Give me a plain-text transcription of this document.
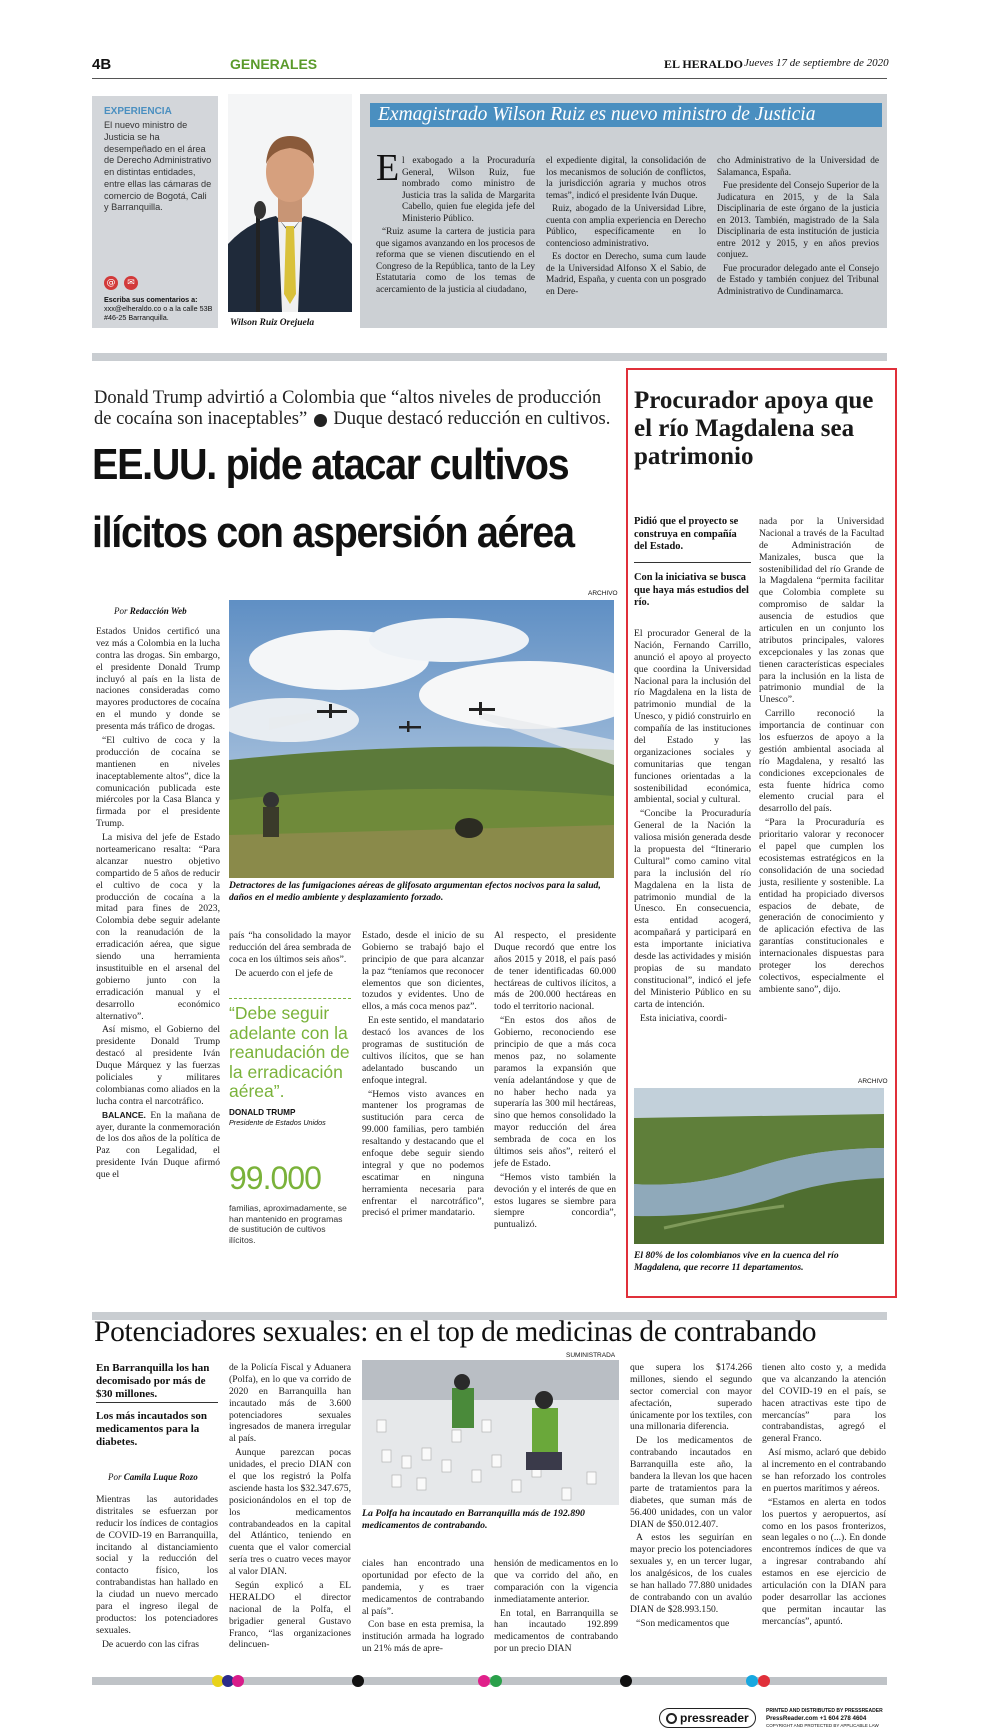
4B	GENERALES	EL HERALDO Jueves 17 de septiembre de 2020
EXPERIENCIA
El nuevo ministro de Justicia se ha desempeñado en el área de Derecho Administrativo en distintas entidades, entre ellas las cámaras de comercio de Bogotá, Cali y Barranquilla.
@	✉
Escriba sus comentarios a:
xxx@elheraldo.co o a la calle 53B #46-25 Barranquilla.
Wilson Ruiz Orejuela
Exmagistrado Wilson Ruiz es nuevo ministro de Justicia
E l exabogado a la Procuraduría General, Wilson Ruiz, fue nombrado como ministro de Justicia tras la salida de Margarita Cabello, quien fue elegida jefe del Ministerio Público.

“Ruiz asume la cartera de justicia para que sigamos avanzando en los procesos de reforma que se vienen discutiendo en el Congreso de la República, tanto de la Ley Estatutaria como de los temas de acercamiento de la justicia al ciudadano,

el expediente digital, la consolidación de los mecanismos de solución de conflictos, la jurisdicción agraria y muchos otros temas”, indicó el presidente Iván Duque.

Ruiz, abogado de la Universidad Libre, cuenta con amplia experiencia en Derecho Público, específicamente en lo contencioso administrativo.

Es doctor en Derecho, suma cum laude de la Universidad Alfonso X el Sabio, de Madrid, España, y cuenta con un posgrado en Dere-

cho Administrativo de la Universidad de Salamanca, España.

Fue presidente del Consejo Superior de la Judicatura en 2015, y de la Sala Disciplinaria de este órgano de la justicia en 2013. También, magistrado de la Sala Disciplinaria de esta institución de justicia entre 2012 y 2015, y en años previos conjuez.

Fue procurador delegado ante el Consejo de Estado y también conjuez del Tribunal Administrativo de Cundinamarca.

Donald Trump advirtió a Colombia que “altos niveles de producción
de cocaína son inaceptables” Duque destacó reducción en cultivos.
EE.UU. pide atacar cultivos
ilícitos con aspersión aérea
ARCHIVO
Por Redacción Web

Estados Unidos certificó una vez más a Colombia en la lucha contra las drogas. Sin embargo, el presidente Donald Trump incluyó al país en la lista de naciones consideradas como mayores productores de cocaína en el mundo y donde se presenta más tráfico de drogas.

“El cultivo de coca y la producción de cocaína se mantienen en niveles inaceptablemente altos”, dice la comunicación publicada este miércoles por la Casa Blanca y firmada por el presidente Trump.

La misiva del jefe de Estado norteamericano resalta: “Para alcanzar nuestro objetivo compartido de 5 años de reducir el cultivo de coca y la producción de cocaína a la mitad para fines de 2023, Colombia debe seguir adelante con la reanudación de la erradicación aérea, que sigue siendo una herramienta insustituible en el arsenal del gobierno junto con la erradicación manual y el desarrollo económico alternativo”.

Así mismo, el Gobierno del presidente Donald Trump destacó al presidente Iván Duque Márquez y las fuerzas policiales y militares colombianas como aliados en la lucha contra el narcotráfico.

BALANCE. En la mañana de ayer, durante la conmemoración de los dos años de la política de Paz con Legalidad, el presidente Iván Duque afirmó que el

Detractores de las fumigaciones aéreas de glifosato argumentan efectos nocivos para la salud, daños en el medio ambiente y desplazamiento forzado.

país “ha consolidado la mayor reducción del área sembrada de coca en los últimos seis años”.

De acuerdo con el jefe de

“Debe seguir adelante con la reanudación de la erradicación aérea”.
DONALD TRUMP
Presidente de Estados Unidos
99.000
familias, aproximadamente, se han mantenido en programas de sustitución de cultivos ilícitos.

Estado, desde el inicio de su Gobierno se trabajó bajo el principio de que para alcanzar la paz “teníamos que reconocer elementos que son dicientes, tozudos y evidentes. Uno de ellos, a más coca menos paz”.

En este sentido, el mandatario destacó los avances de los programas de sustitución de cultivos ilícitos, que se han adelantado buscando un enfoque integral.

“Hemos visto avances en mantener los programas de sustitución para cerca de 99.000 familias, pero también resaltando y destacando que el enfoque debe seguir siendo integral y que no podemos escatimar en ninguna herramienta necesaria para enfrentar el narcotráfico”, precisó el primer mandatario.

Al respecto, el presidente Duque recordó que entre los años 2015 y 2018, el país pasó de tener identificadas 60.000 hectáreas de cultivos ilícitos, a más de 200.000 hectáreas en todo el territorio nacional.

“En estos dos años de Gobierno, reconociendo ese principio de que a más coca menos paz, no solamente paramos la expansión que venía adelantándose y que de no haber hecho nada ya superaría las 300 mil hectáreas, sino que hemos consolidado la mayor reducción del área sembrada de coca en los últimos seis años”, reiteró el jefe de Estado.

“Hemos visto también la devoción y el interés de que en estos lugares se siembre para siempre concordia”, puntualizó.

Procurador apoya que el río Magdalena sea patrimonio
Pidió que el proyecto se construya en compañía del Estado.
Con la iniciativa se busca que haya más estudios del río.

El procurador General de la Nación, Fernando Carrillo, anunció el apoyo al proyecto que coordina la Universidad Nacional para la inclusión del río Magdalena en la lista de patrimonio mundial de la Unesco, y pidió construirlo en compañía de las instituciones del Estado y las organizaciones sociales y comunitarias que tengan funciones orientadas a la sostenibilidad económica, ambiental, social y cultural.

“Concibe la Procuraduría General de la Nación la valiosa misión generada desde la propuesta del “Itinerario Cultural” como camino vital para la inclusión del río Magdalena en la lista de patrimonio mundial de la Unesco. En consecuencia, esta entidad acogerá, acompañará y participará en esta importante iniciativa desde las actividades y misión propias de su mandato constitucional”, indicó el jefe del Ministerio Público en su carta de intención.

Esta iniciativa, coordi-

nada por la Universidad Nacional a través de la Facultad de Administración de Manizales, busca que la sostenibilidad del río Grande de la Magdalena “permita facilitar que Colombia complete su compromiso de saldar la ausencia de estudios que articulen en un conjunto los atributos principales, valores excepcionales y las zonas que tienen características especiales para la inclusión en la lista de patrimonio mundial de la Unesco”.

Carrillo reconoció la importancia de continuar con los esfuerzos de apoyo a la gestión ambiental asociada al río Magdalena, y resaltó las condiciones excepcionales de esta fuente hídrica como elemento crucial para el desarrollo del país.

“Para la Procuraduría es prioritario valorar y reconocer el papel que cumplen los ecosistemas estratégicos en la consolidación de una sociedad justa, resiliente y sostenible. La entidad ha propiciado diversos espacios de debate, de generación de conocimiento y de aplicación efectiva de las garantías constitucionales e internacionales dispuestas para proteger los derechos colectivos, especialmente el ambiente sano”, dijo.

ARCHIVO
El 80% de los colombianos vive en la cuenca del río Magdalena, que recorre 11 departamentos.
Potenciadores sexuales: en el top de medicinas de contrabando
En Barranquilla los han decomisado por más de $30 millones.
Los más incautados son medicamentos para la diabetes.
Por Camila Luque Rozo

Mientras las autoridades distritales se esfuerzan por reducir los índices de contagios de COVID-19 en Barranquilla, incitando al distanciamiento social y la reducción del contacto físico, los contrabandistas han hallado en la ciudad un nuevo mercado para el ingreso ilegal de productos: los potenciadores sexuales.

De acuerdo con las cifras

de la Policía Fiscal y Aduanera (Polfa), en lo que va corrido de 2020 en Barranquilla han incautado más de 3.600 potenciadores sexuales ingresados de manera irregular al país.

Aunque parezcan pocas unidades, el precio DIAN con el que los registró la Polfa asciende hasta los $32.347.675, posicionándolos en el top de los medicamentos contrabandeados en la capital del Atlántico, teniendo en cuenta que el valor comercial sería tres o cuatro veces mayor al valor DIAN.

Según explicó a EL HERALDO el director nacional de la Polfa, el brigadier general Gustavo Franco, “las organizaciones delincuen-

SUMINISTRADA
La Polfa ha incautado en Barranquilla más de 192.890 medicamentos de contrabando.

ciales han encontrado una oportunidad por efecto de la pandemia, y es traer medicamentos de contrabando al país”.

Con base en esta premisa, la institución armada ha logrado un 21% más de apre-

hensión de medicamentos en lo que va corrido del año, en comparación con la vigencia inmediatamente anterior.

En total, en Barranquilla se han incautado 192.899 medicamentos de contrabando por un precio DIAN

que supera los $174.266 millones, siendo el segundo sector comercial con mayor afectación, superado únicamente por los textiles, con una millonaria diferencia.

De los medicamentos de contrabando incautados en Barranquilla este año, la bandera la llevan los que hacen parte de tratamientos para la diabetes, que suman más de 56.400 unidades, con un valor DIAN de $50.012.407.

A estos les seguirían en mayor precio los potenciadores sexuales y, en un tercer lugar, los analgésicos, de los cuales se han hallado 77.880 unidades de contrabando con un avalúo DIAN de $28.993.150.

“Son medicamentos que

tienen alto costo y, a medida que va alcanzando la atención del COVID-19 en el país, se hacen atractivas este tipo de mercancías” para los contrabandistas, agregó el general Franco.

Así mismo, aclaró que debido al incremento en el contrabando se han reforzado los controles en puertos marítimos y aéreos.

“Estamos en alerta en todos los puertos y aeropuertos, así como en los pasos fronterizos, sean legales o no (...). En donde encontremos índices de que va a ingresar contrabando ahí estamos en ese ejercicio de articulación con la DIAN para poder desarrollar las acciones que permitan incautar las mercancías”, apuntó.

pressreader	PRINTED AND DISTRIBUTED BY PRESSREADER
PressReader.com +1 604 278 4604
COPYRIGHT AND PROTECTED BY APPLICABLE LAW
